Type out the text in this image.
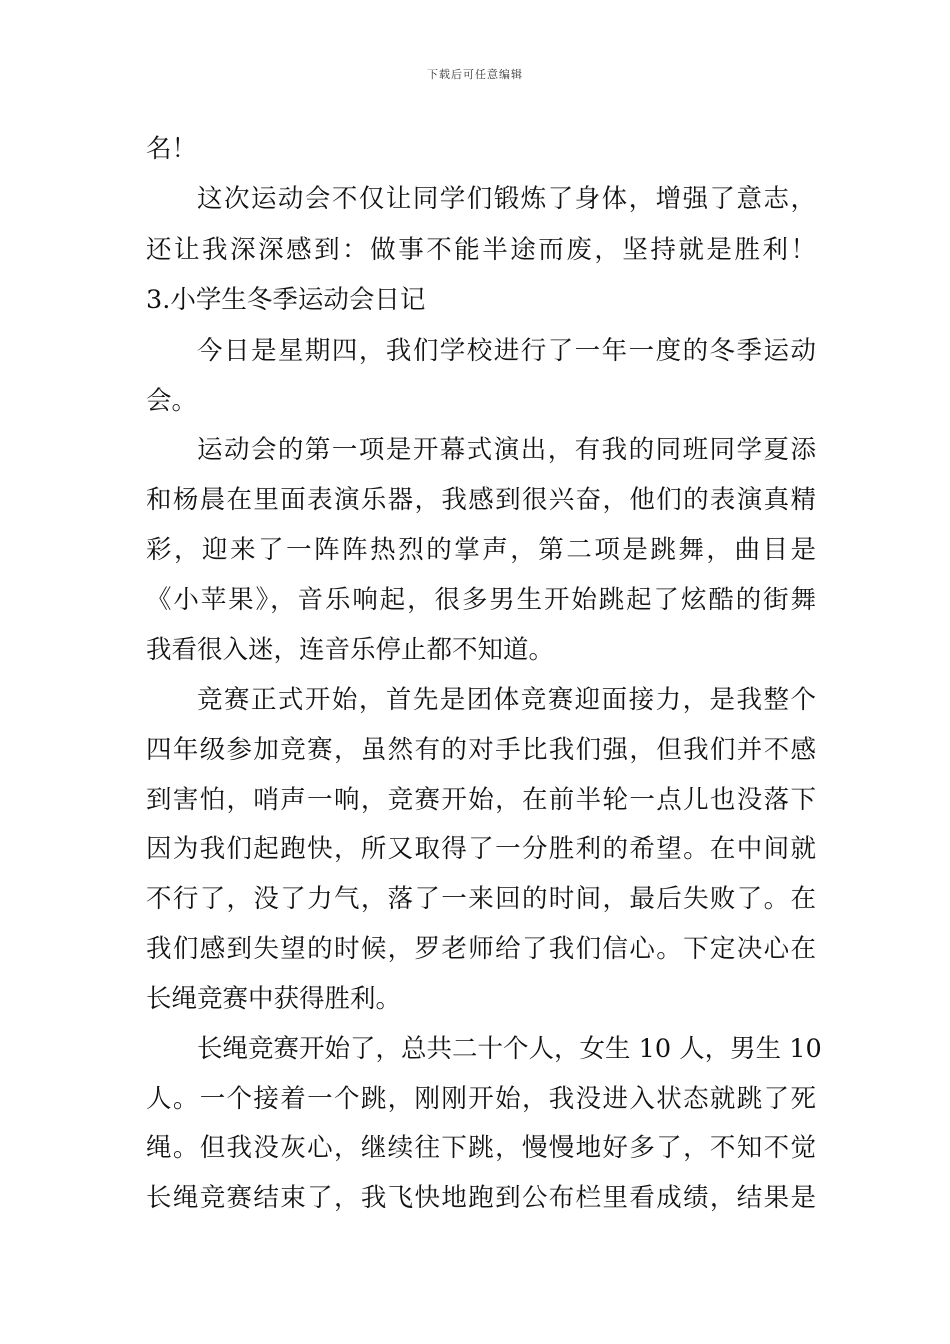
下载后可任意编辑
名！
这次运动会不仅让同学们锻炼了身体，增强了意志，
还让我深深感到：做事不能半途而废，坚持就是胜利！
3.小学生冬季运动会日记
今日是星期四，我们学校进行了一年一度的冬季运动
会。
运动会的第一项是开幕式演出，有我的同班同学夏添
和杨晨在里面表演乐器，我感到很兴奋，他们的表演真精
彩，迎来了一阵阵热烈的掌声，第二项是跳舞，曲目是
《小苹果》，音乐响起，很多男生开始跳起了炫酷的街舞
我看很入迷，连音乐停止都不知道。
竞赛正式开始，首先是团体竞赛迎面接力，是我整个
四年级参加竞赛，虽然有的对手比我们强，但我们并不感
到害怕，哨声一响，竞赛开始，在前半轮一点儿也没落下
因为我们起跑快，所又取得了一分胜利的希望。在中间就
不行了，没了力气，落了一来回的时间，最后失败了。在
我们感到失望的时候，罗老师给了我们信心。下定决心在
长绳竞赛中获得胜利。
长绳竞赛开始了，总共二十个人，女生 10 人，男生 10
人。一个接着一个跳，刚刚开始，我没进入状态就跳了死
绳。但我没灰心，继续往下跳，慢慢地好多了，不知不觉
长绳竞赛结束了，我飞快地跑到公布栏里看成绩，结果是
